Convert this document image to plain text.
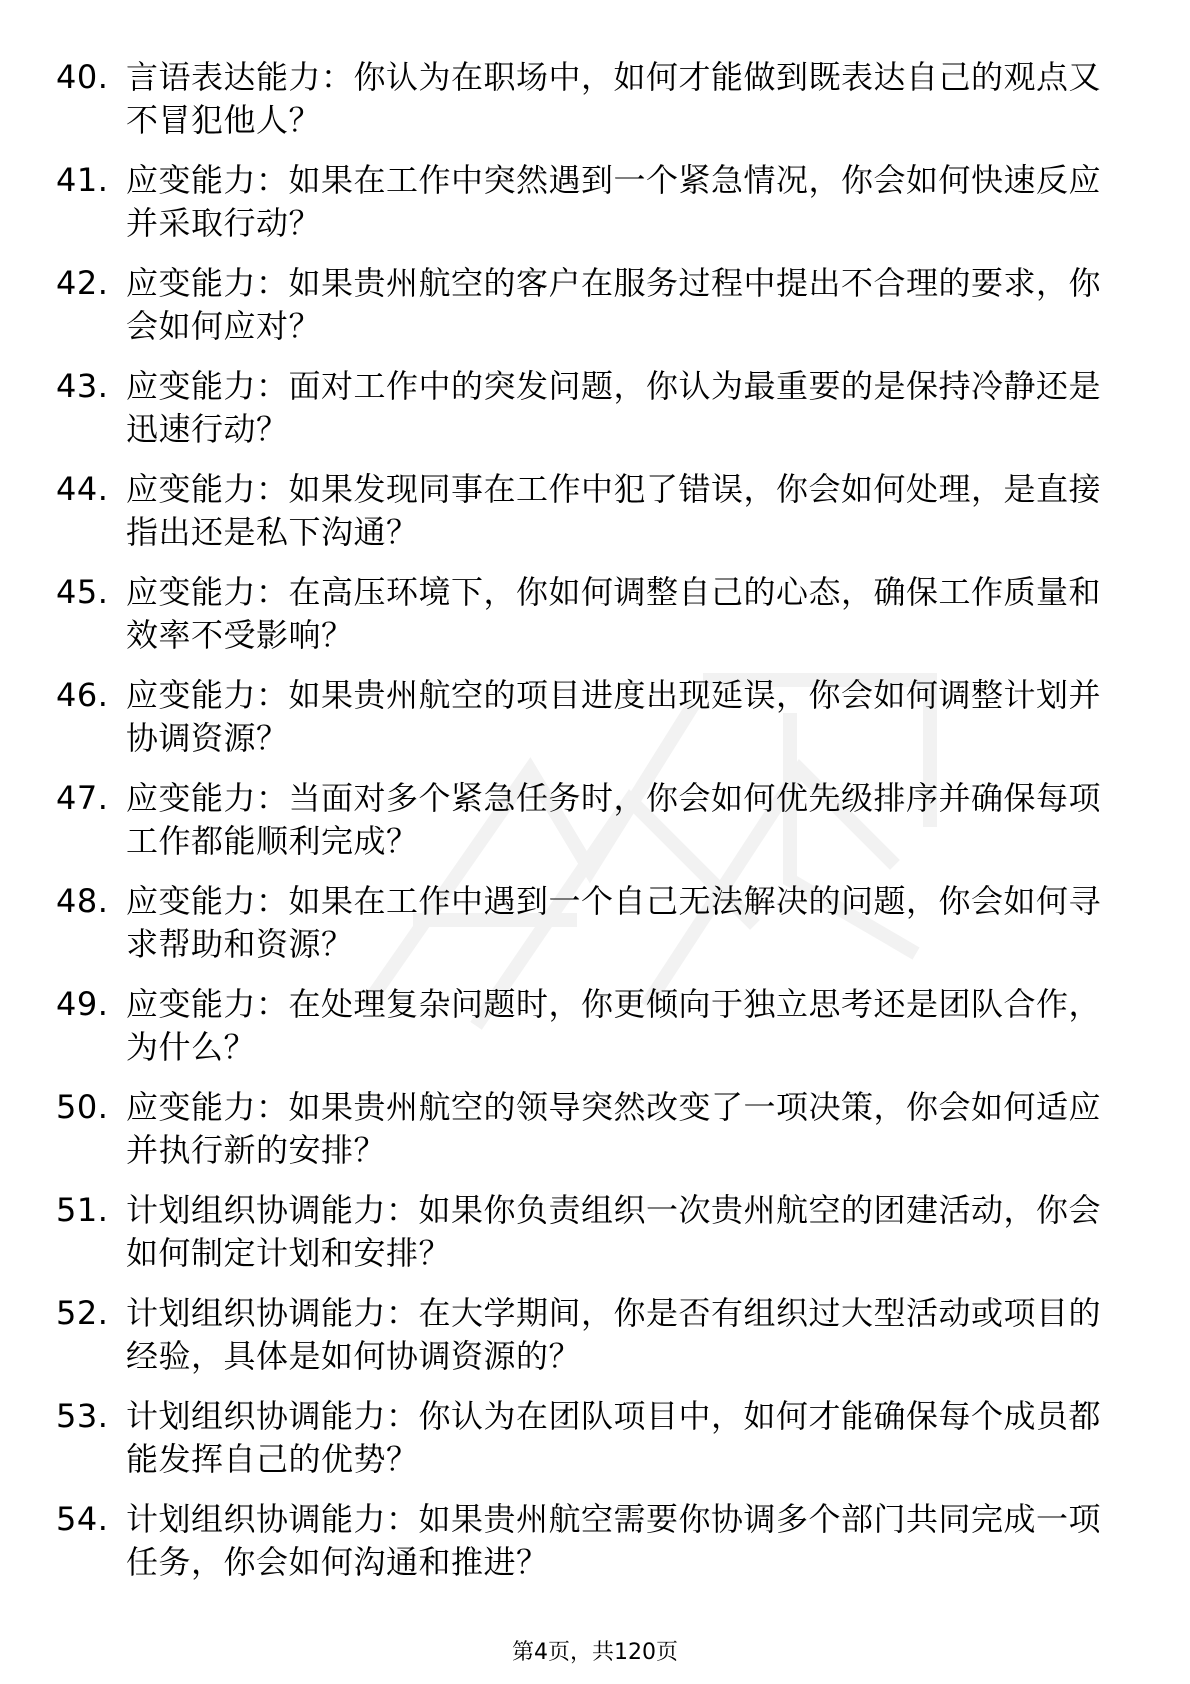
40. 言语表达能力：你认为在职场中，如何才能做到既表达自己的观点又不冒犯他人？
41. 应变能力：如果在工作中突然遇到一个紧急情况，你会如何快速反应并采取行动？
42. 应变能力：如果贵州航空的客户在服务过程中提出不合理的要求，你会如何应对？
43. 应变能力：面对工作中的突发问题，你认为最重要的是保持冷静还是迅速行动？
44. 应变能力：如果发现同事在工作中犯了错误，你会如何处理，是直接指出还是私下沟通？
45. 应变能力：在高压环境下，你如何调整自己的心态，确保工作质量和效率不受影响？
46. 应变能力：如果贵州航空的项目进度出现延误，你会如何调整计划并协调资源？
47. 应变能力：当面对多个紧急任务时，你会如何优先级排序并确保每项工作都能顺利完成？
48. 应变能力：如果在工作中遇到一个自己无法解决的问题，你会如何寻求帮助和资源？
49. 应变能力：在处理复杂问题时，你更倾向于独立思考还是团队合作，为什么？
50. 应变能力：如果贵州航空的领导突然改变了一项决策，你会如何适应并执行新的安排？
51. 计划组织协调能力：如果你负责组织一次贵州航空的团建活动，你会如何制定计划和安排？
52. 计划组织协调能力：在大学期间，你是否有组织过大型活动或项目的经验，具体是如何协调资源的？
53. 计划组织协调能力：你认为在团队项目中，如何才能确保每个成员都能发挥自己的优势？
54. 计划组织协调能力：如果贵州航空需要你协调多个部门共同完成一项任务，你会如何沟通和推进？
第4页，共120页
